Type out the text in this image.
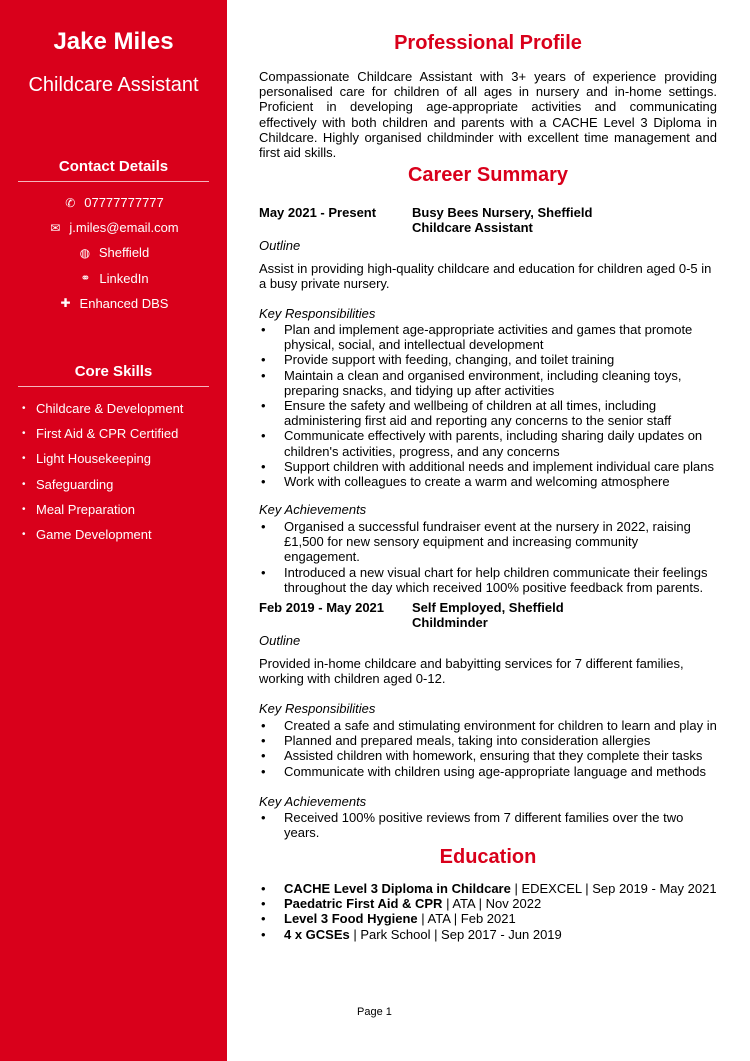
Jake Miles
Childcare Assistant
Contact Details
✆ 07777777777
✉ j.miles@email.com
◍ Sheffield
⚭ LinkedIn
✚ Enhanced DBS
Core Skills
• Childcare & Development
• First Aid & CPR Certified
• Light Housekeeping
• Safeguarding
• Meal Preparation
• Game Development
Professional Profile

Compassionate Childcare Assistant with 3+ years of experience providing personalised care for children of all ages in nursery and in-home settings. Proficient in developing age-appropriate activities and communicating effectively with both children and parents with a CACHE Level 3 Diploma in Childcare. Highly organised childminder with excellent time management and first aid skills.

Career Summary
May 2021 - Present	Busy Bees Nursery, Sheffield
Childcare Assistant
Outline

Assist in providing high-quality childcare and education for children aged 0-5 in a busy private nursery.

Key Responsibilities
• Plan and implement age-appropriate activities and games that promote physical, social, and intellectual development
• Provide support with feeding, changing, and toilet training
• Maintain a clean and organised environment, including cleaning toys, preparing snacks, and tidying up after activities
• Ensure the safety and wellbeing of children at all times, including administering first aid and reporting any concerns to the senior staff
• Communicate effectively with parents, including sharing daily updates on children's activities, progress, and any concerns
• Support children with additional needs and implement individual care plans
• Work with colleagues to create a warm and welcoming atmosphere
Key Achievements
• Organised a successful fundraiser event at the nursery in 2022, raising £1,500 for new sensory equipment and increasing community engagement.
• Introduced a new visual chart for help children communicate their feelings throughout the day which received 100% positive feedback from parents.
Feb 2019 - May 2021 Self Employed, Sheffield
Childminder
Outline

Provided in-home childcare and babyitting services for 7 different families, working with children aged 0-12.

Key Responsibilities
• Created a safe and stimulating environment for children to learn and play in
• Planned and prepared meals, taking into consideration allergies
• Assisted children with homework, ensuring that they complete their tasks
• Communicate with children using age-appropriate language and methods
Key Achievements
• Received 100% positive reviews from 7 different families over the two years.
Education
• CACHE Level 3 Diploma in Childcare | EDEXCEL | Sep 2019 - May 2021
• Paedatric First Aid & CPR | ATA | Nov 2022
• Level 3 Food Hygiene | ATA | Feb 2021
• 4 x GCSEs | Park School | Sep 2017 - Jun 2019
Page 1
